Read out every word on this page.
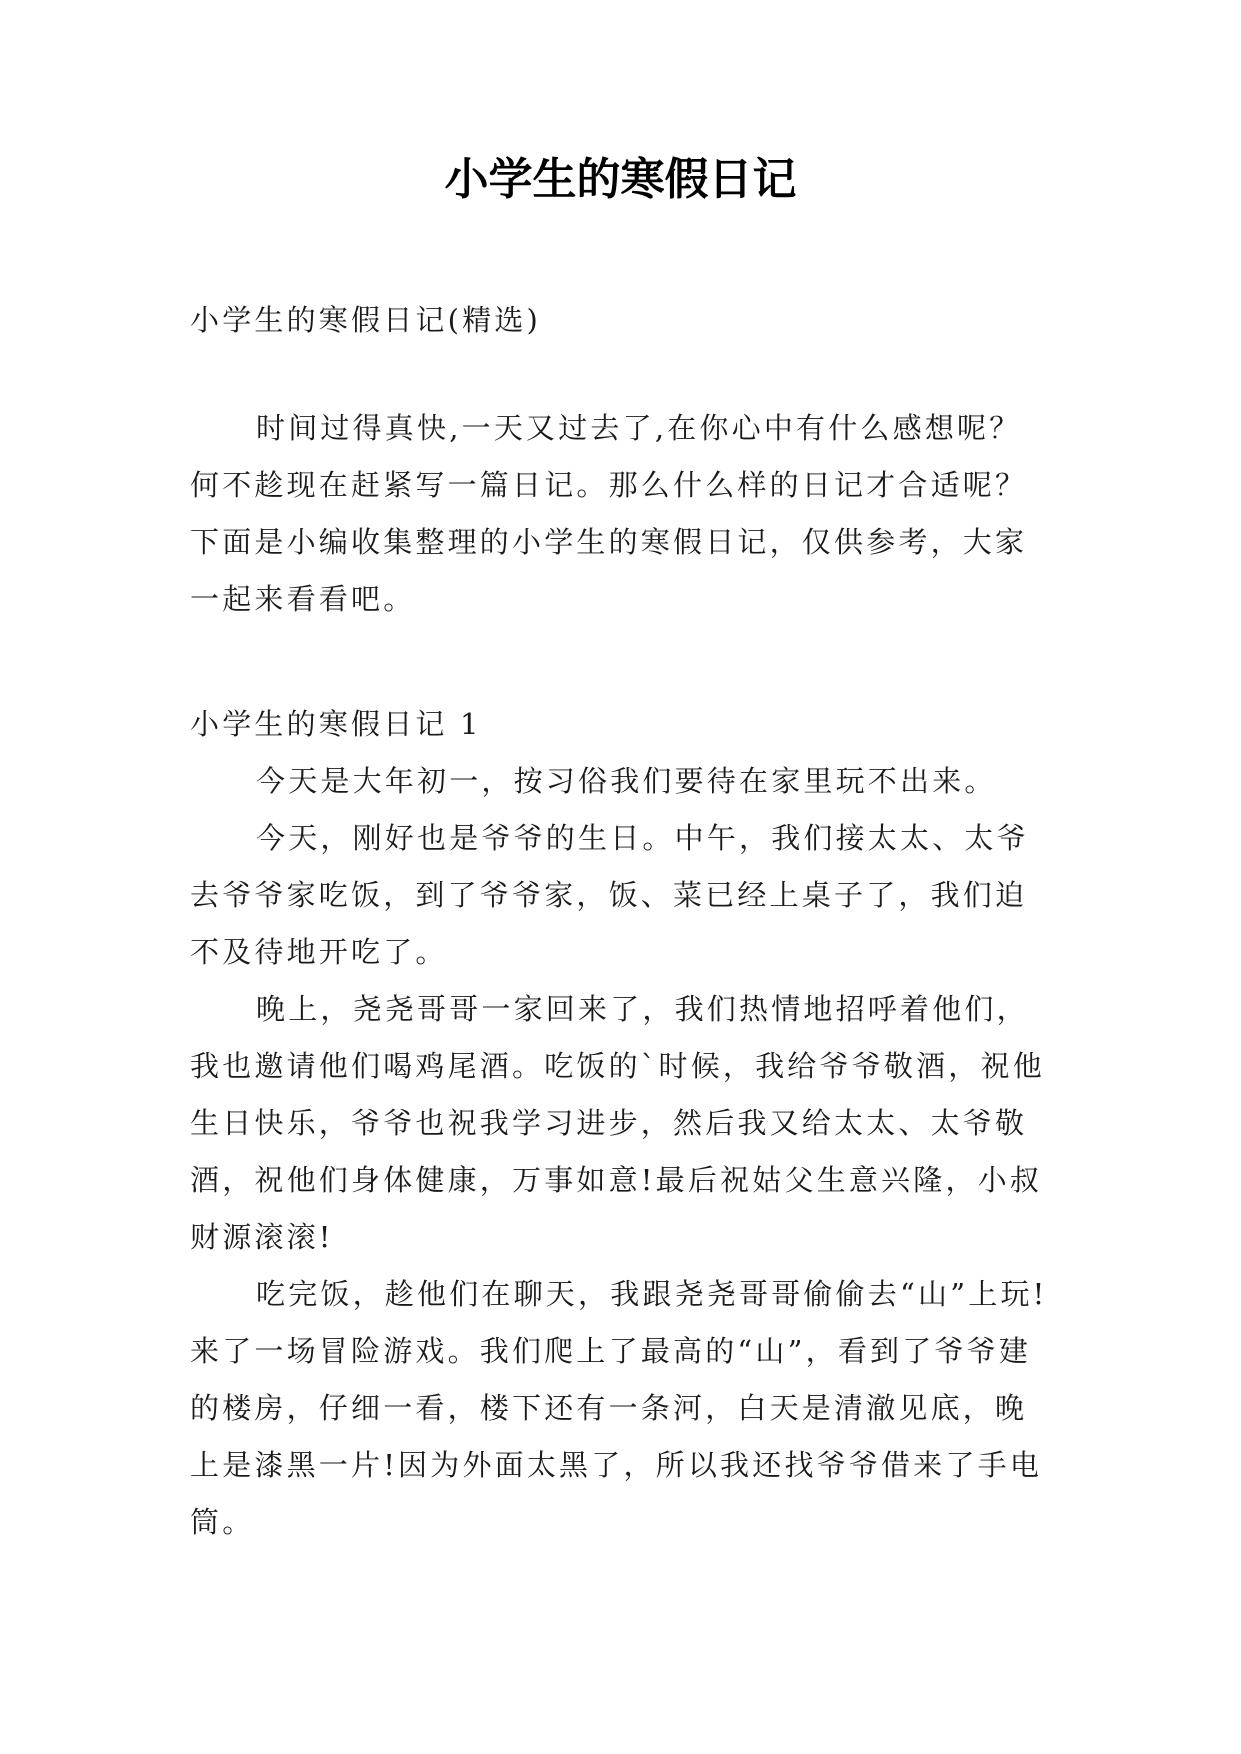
小学生的寒假日记

小学生的寒假日记(精选)

时间过得真快,一天又过去了,在你心中有什么感想呢？何不趁现在赶紧写一篇日记。那么什么样的日记才合适呢？下面是小编收集整理的小学生的寒假日记，仅供参考，大家一起来看看吧。

小学生的寒假日记 1

今天是大年初一，按习俗我们要待在家里玩不出来。

今天，刚好也是爷爷的生日。中午，我们接太太、太爷去爷爷家吃饭，到了爷爷家，饭、菜已经上桌子了，我们迫不及待地开吃了。

晚上，尧尧哥哥一家回来了，我们热情地招呼着他们，我也邀请他们喝鸡尾酒。吃饭的`时候，我给爷爷敬酒，祝他生日快乐，爷爷也祝我学习进步，然后我又给太太、太爷敬酒，祝他们身体健康，万事如意!最后祝姑父生意兴隆，小叔财源滚滚!

吃完饭，趁他们在聊天，我跟尧尧哥哥偷偷去“山”上玩!来了一场冒险游戏。我们爬上了最高的“山”，看到了爷爷建的楼房，仔细一看，楼下还有一条河，白天是清澈见底，晚上是漆黑一片!因为外面太黑了，所以我还找爷爷借来了手电筒。
